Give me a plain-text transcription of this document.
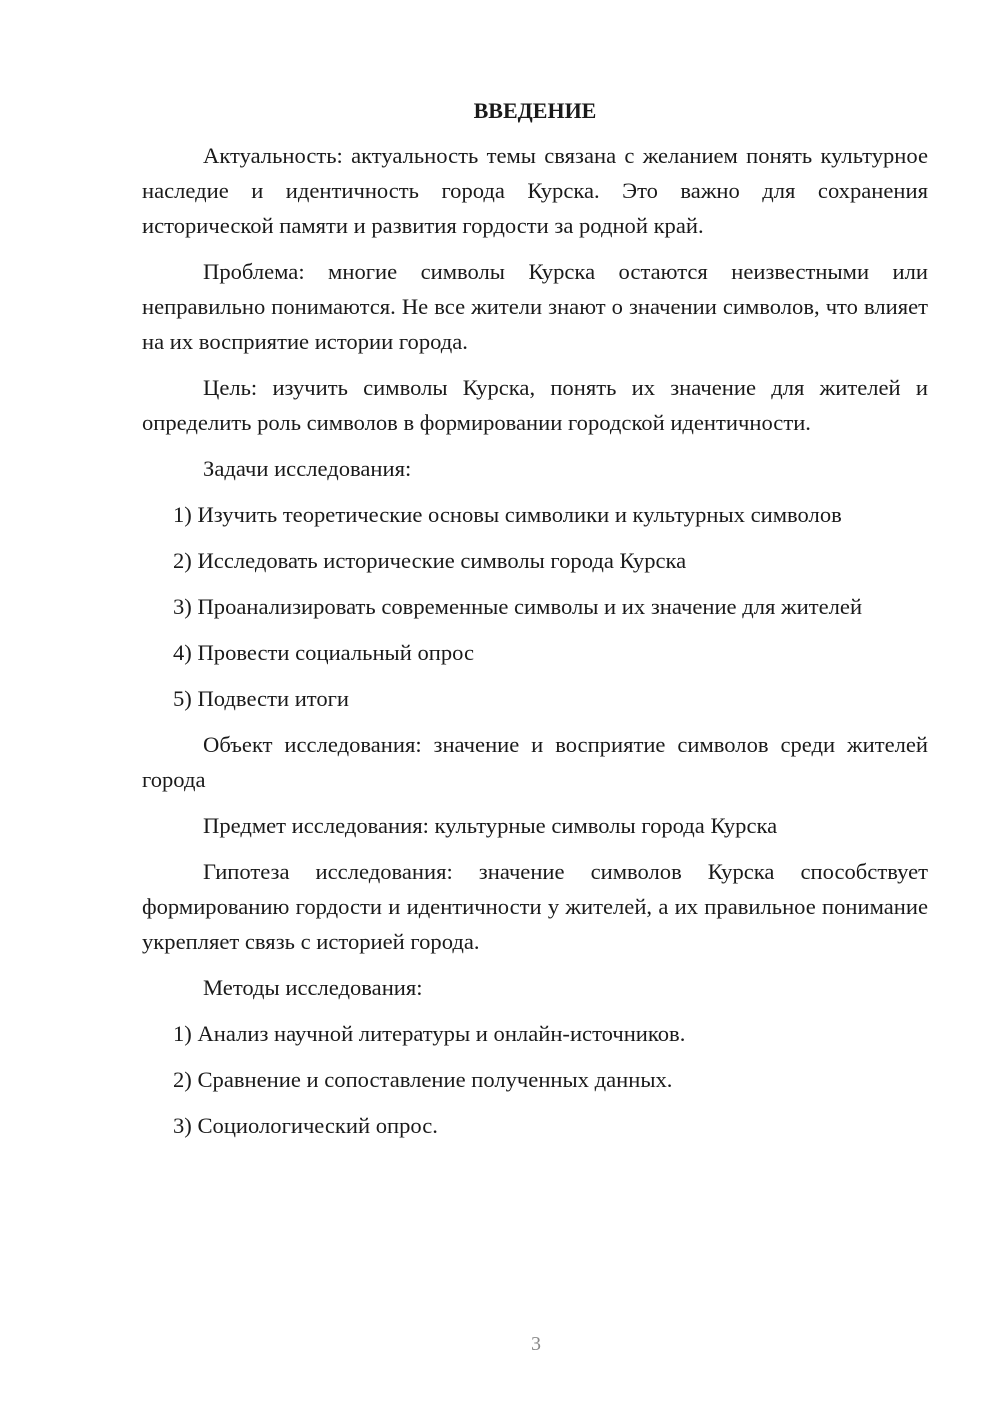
ВВЕДЕНИЕ

Актуальность: актуальность темы связана с желанием понять культурное наследие и идентичность города Курска. Это важно для сохранения исторической памяти и развития гордости за родной край.

Проблема: многие символы Курска остаются неизвестными или неправильно понимаются. Не все жители знают о значении символов, что влияет на их восприятие истории города.

Цель: изучить символы Курска, понять их значение для жителей и определить роль символов в формировании городской идентичности.

Задачи исследования:

1) Изучить теоретические основы символики и культурных символов

2) Исследовать исторические символы города Курска

3) Проанализировать современные символы и их значение для жителей

4) Провести социальный опрос

5) Подвести итоги

Объект исследования: значение и восприятие символов среди жителей города

Предмет исследования: культурные символы города Курска

Гипотеза исследования: значение символов Курска способствует формированию гордости и идентичности у жителей, а их правильное понимание укрепляет связь с историей города.

Методы исследования:

1) Анализ научной литературы и онлайн-источников.

2) Сравнение и сопоставление полученных данных.

3) Социологический опрос.

3
